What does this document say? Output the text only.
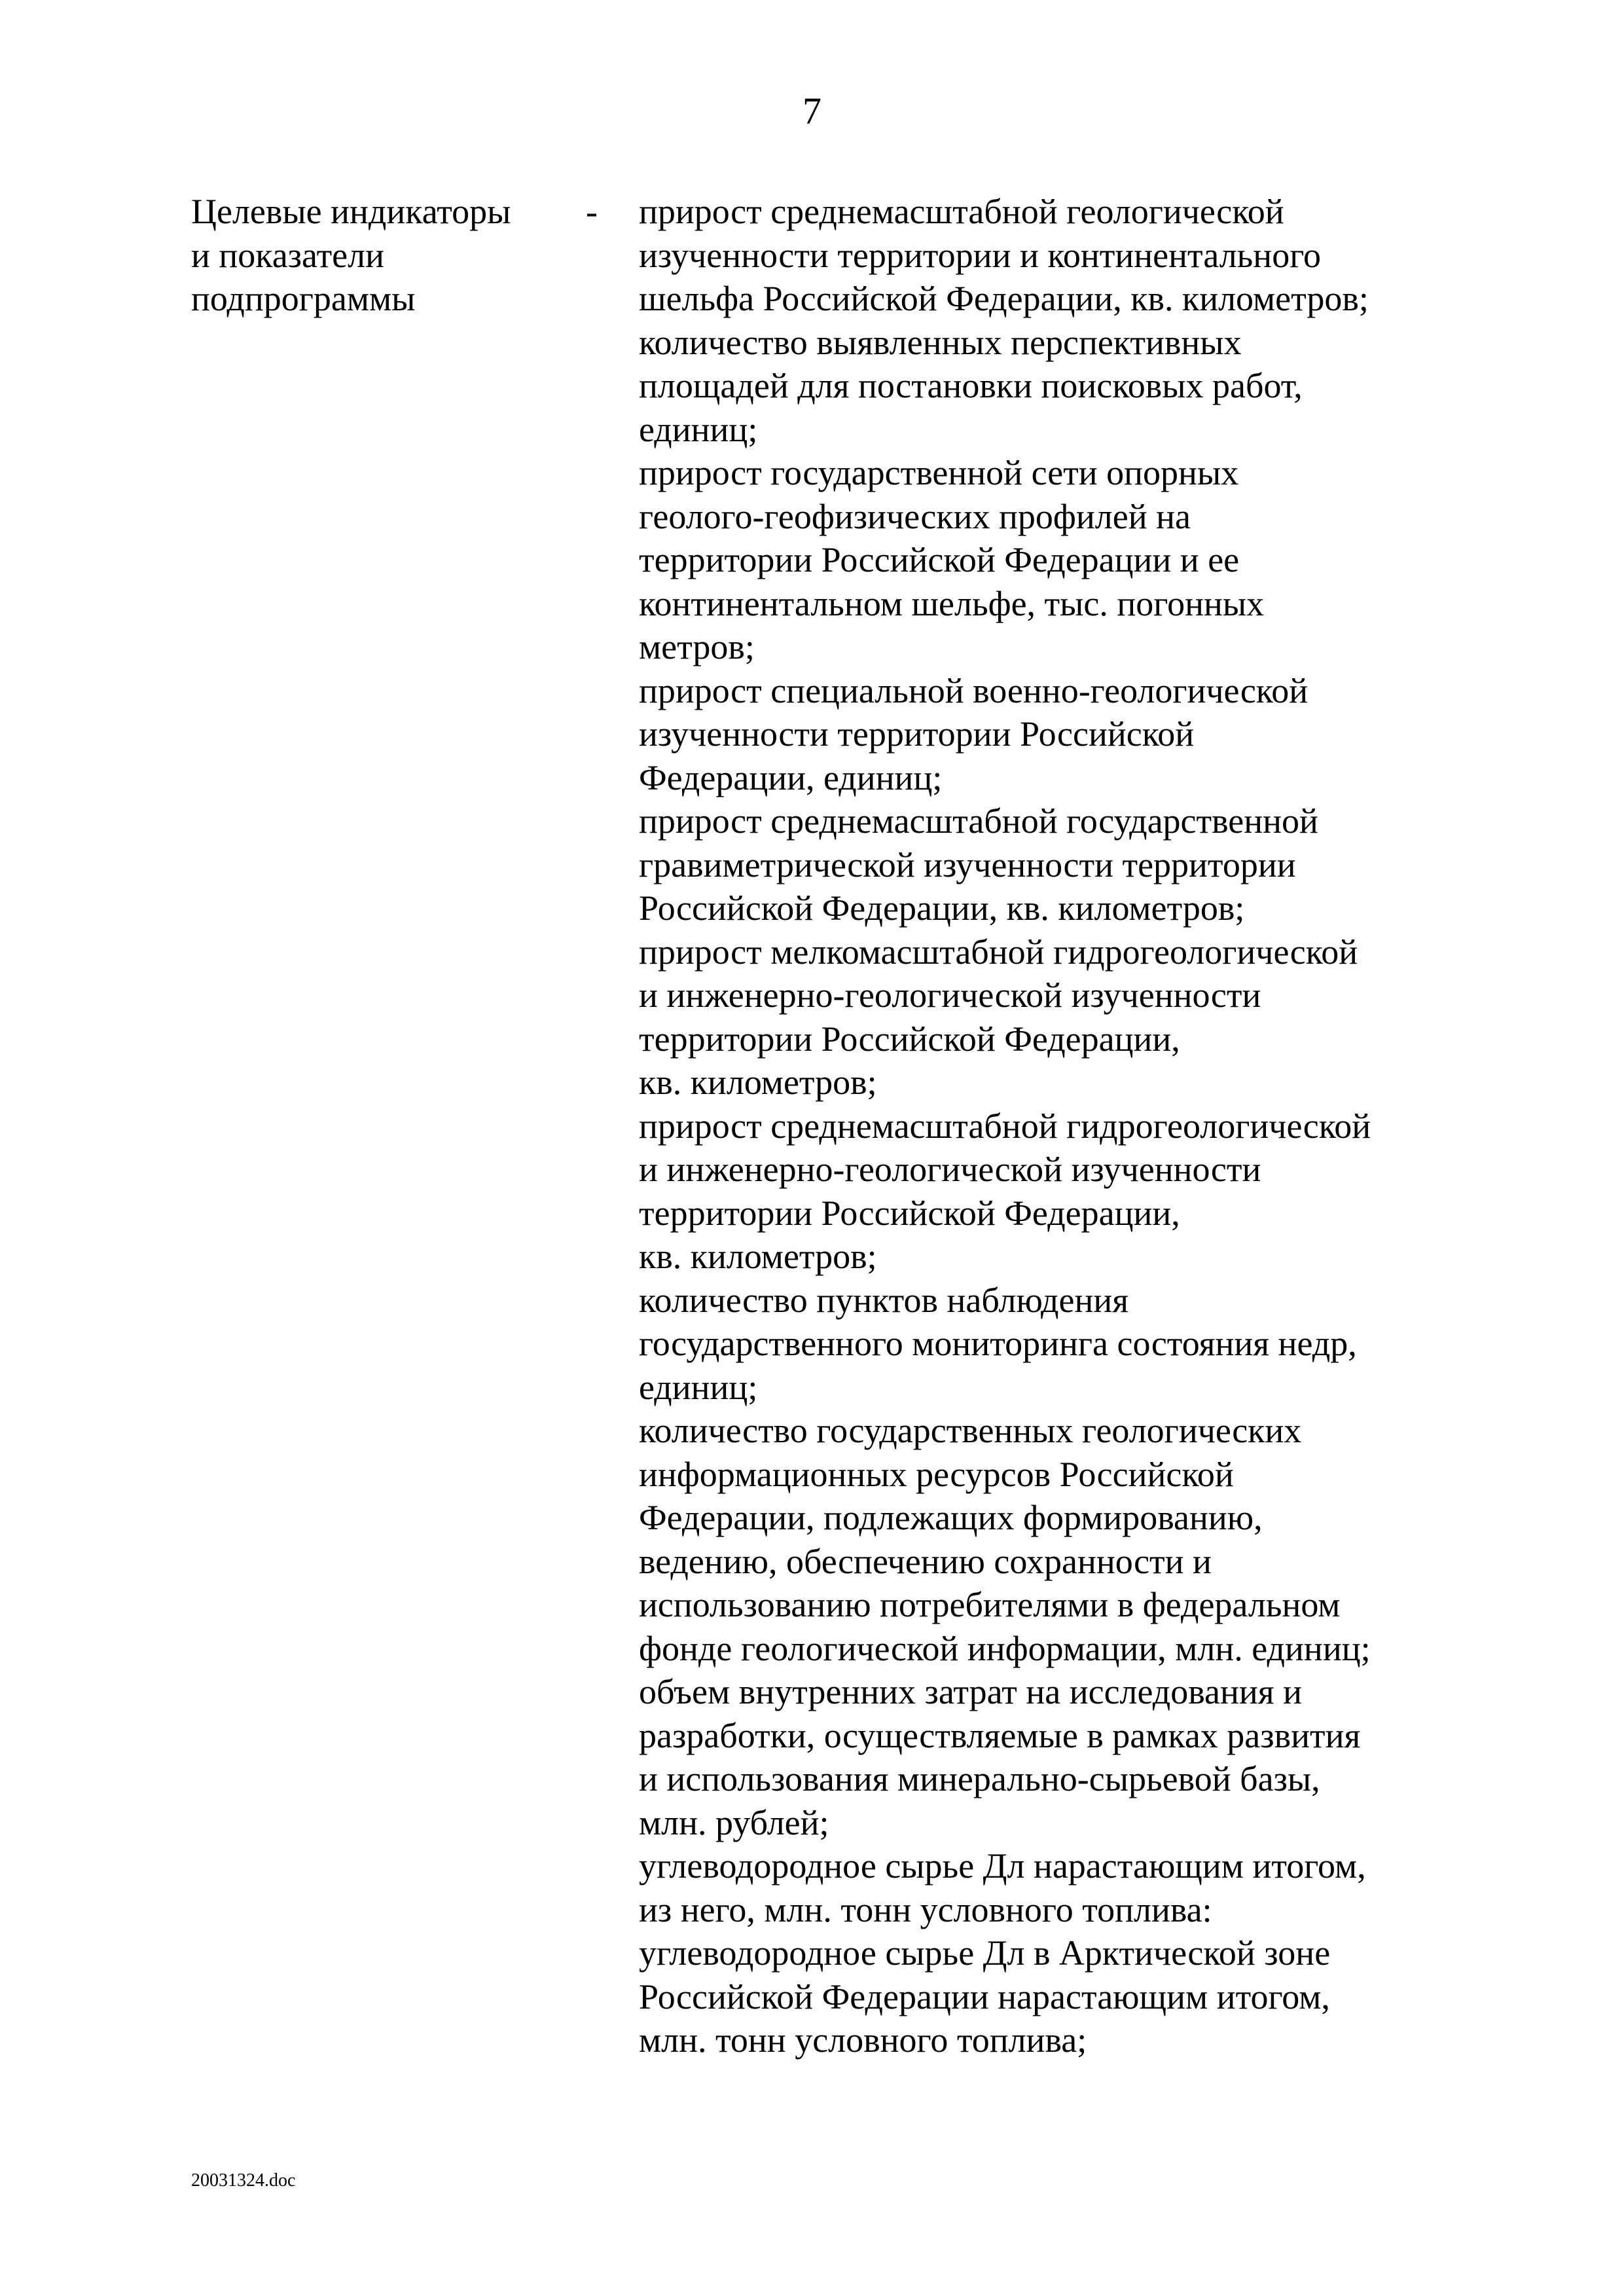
7
Целевые индикаторы
и показатели
подпрограммы
- прирост среднемасштабной геологической
изученности территории и континентального
шельфа Российской Федерации, кв. километров;
количество выявленных перспективных
площадей для постановки поисковых работ,
единиц;
прирост государственной сети опорных
геолого-геофизических профилей на
территории Российской Федерации и ее
континентальном шельфе, тыс. погонных
метров;
прирост специальной военно-геологической
изученности территории Российской
Федерации, единиц;
прирост среднемасштабной государственной
гравиметрической изученности территории
Российской Федерации, кв. километров;
прирост мелкомасштабной гидрогеологической
и инженерно-геологической изученности
территории Российской Федерации,
кв. километров;
прирост среднемасштабной гидрогеологической
и инженерно-геологической изученности
территории Российской Федерации,
кв. километров;
количество пунктов наблюдения
государственного мониторинга состояния недр,
единиц;
количество государственных геологических
информационных ресурсов Российской
Федерации, подлежащих формированию,
ведению, обеспечению сохранности и
использованию потребителями в федеральном
фонде геологической информации, млн. единиц;
объем внутренних затрат на исследования и
разработки, осуществляемые в рамках развития
и использования минерально-сырьевой базы,
млн. рублей;
углеводородное сырье Дл нарастающим итогом,
из него, млн. тонн условного топлива:
углеводородное сырье Дл в Арктической зоне
Российской Федерации нарастающим итогом,
млн. тонн условного топлива;
20031324.doc
